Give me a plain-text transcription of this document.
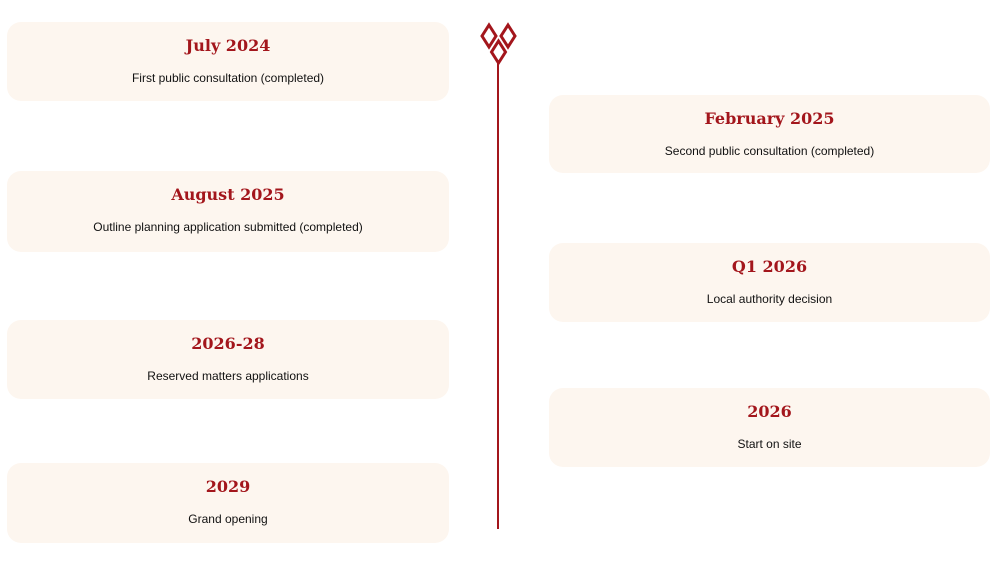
July 2024
First public consultation (completed)
February 2025
Second public consultation (completed)
August 2025
Outline planning application submitted (completed)
Q1 2026
Local authority decision
2026-28
Reserved matters applications
2026
Start on site
2029
Grand opening
